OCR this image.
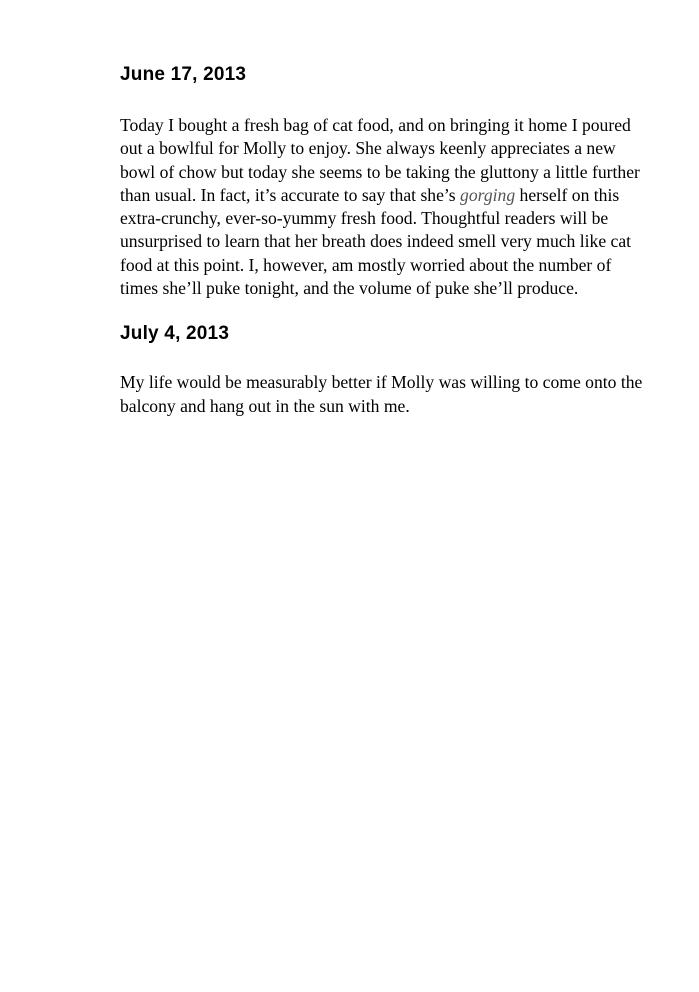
June 17, 2013

Today I bought a fresh bag of cat food, and on bringing it home I poured out a bowlful for Molly to enjoy. She always keenly appreciates a new bowl of chow but today she seems to be taking the gluttony a little further than usual. In fact, it’s accurate to say that she’s gorging herself on this extra-crunchy, ever-so-yummy fresh food. Thoughtful readers will be unsurprised to learn that her breath does indeed smell very much like cat food at this point. I, however, am mostly worried about the number of times she’ll puke tonight, and the volume of puke she’ll produce.

July 4, 2013

My life would be measurably better if Molly was willing to come onto the balcony and hang out in the sun with me.
